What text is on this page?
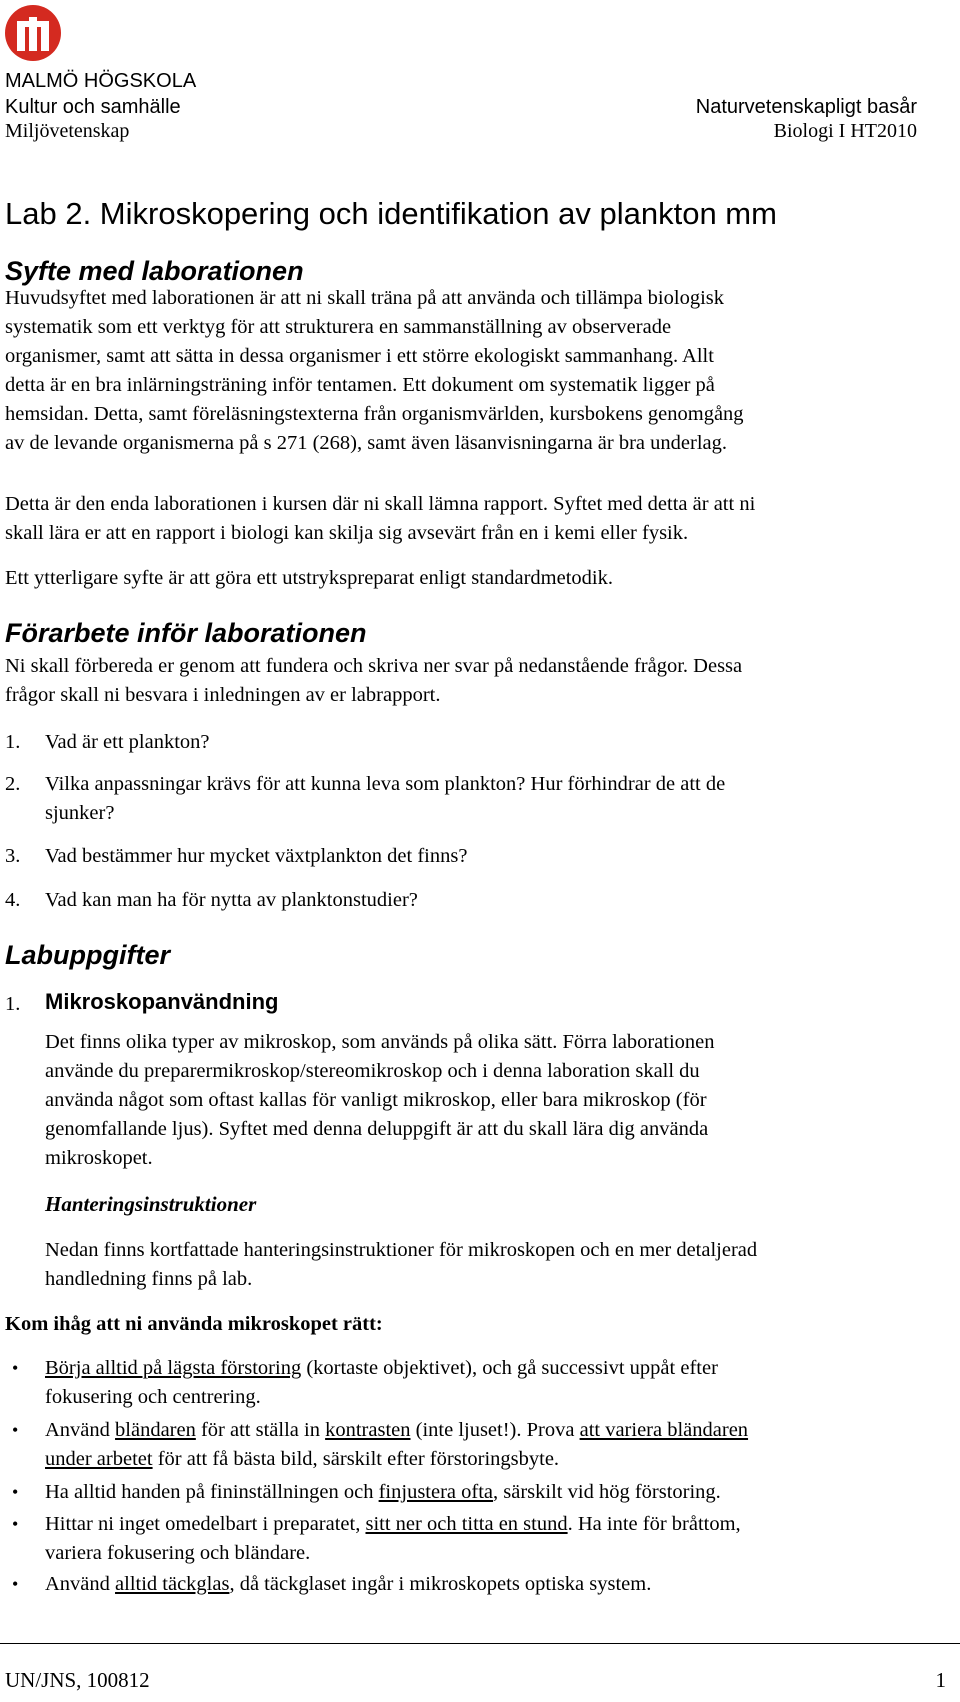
MALMÖ HÖGSKOLA
Kultur och samhälle
Miljövetenskap
Naturvetenskapligt basår
Biologi I HT2010
Lab 2. Mikroskopering och identifikation av plankton mm
Syfte med laborationen
Huvudsyftet med laborationen är att ni skall träna på att använda och tillämpa biologisk
systematik som ett verktyg för att strukturera en sammanställning av observerade
organismer, samt att sätta in dessa organismer i ett större ekologiskt sammanhang. Allt
detta är en bra inlärningsträning inför tentamen. Ett dokument om systematik ligger på
hemsidan. Detta, samt föreläsningstexterna från organismvärlden, kursbokens genomgång
av de levande organismerna på s 271 (268), samt även läsanvisningarna är bra underlag.
Detta är den enda laborationen i kursen där ni skall lämna rapport. Syftet med detta är att ni
skall lära er att en rapport i biologi kan skilja sig avsevärt från en i kemi eller fysik.
Ett ytterligare syfte är att göra ett utstrykspreparat enligt standardmetodik.
Förarbete inför laborationen
Ni skall förbereda er genom att fundera och skriva ner svar på nedanstående frågor. Dessa
frågor skall ni besvara i inledningen av er labrapport.
1. Vad är ett plankton?
2. Vilka anpassningar krävs för att kunna leva som plankton? Hur förhindrar de att de
sjunker?
3. Vad bestämmer hur mycket växtplankton det finns?
4. Vad kan man ha för nytta av planktonstudier?
Labuppgifter
1. Mikroskopanvändning
Det finns olika typer av mikroskop, som används på olika sätt. Förra laborationen
använde du preparermikroskop/stereomikroskop och i denna laboration skall du
använda något som oftast kallas för vanligt mikroskop, eller bara mikroskop (för
genomfallande ljus). Syftet med denna deluppgift är att du skall lära dig använda
mikroskopet.
Hanteringsinstruktioner
Nedan finns kortfattade hanteringsinstruktioner för mikroskopen och en mer detaljerad
handledning finns på lab.
Kom ihåg att ni använda mikroskopet rätt:
• Börja alltid på lägsta förstoring (kortaste objektivet), och gå successivt uppåt efter
fokusering och centrering.
• Använd bländaren för att ställa in kontrasten (inte ljuset!). Prova att variera bländaren
under arbetet för att få bästa bild, särskilt efter förstoringsbyte.
• Ha alltid handen på fininställningen och finjustera ofta, särskilt vid hög förstoring.
• Hittar ni inget omedelbart i preparatet, sitt ner och titta en stund. Ha inte för bråttom,
variera fokusering och bländare.
• Använd alltid täckglas, då täckglaset ingår i mikroskopets optiska system.
UN/JNS, 100812	1
